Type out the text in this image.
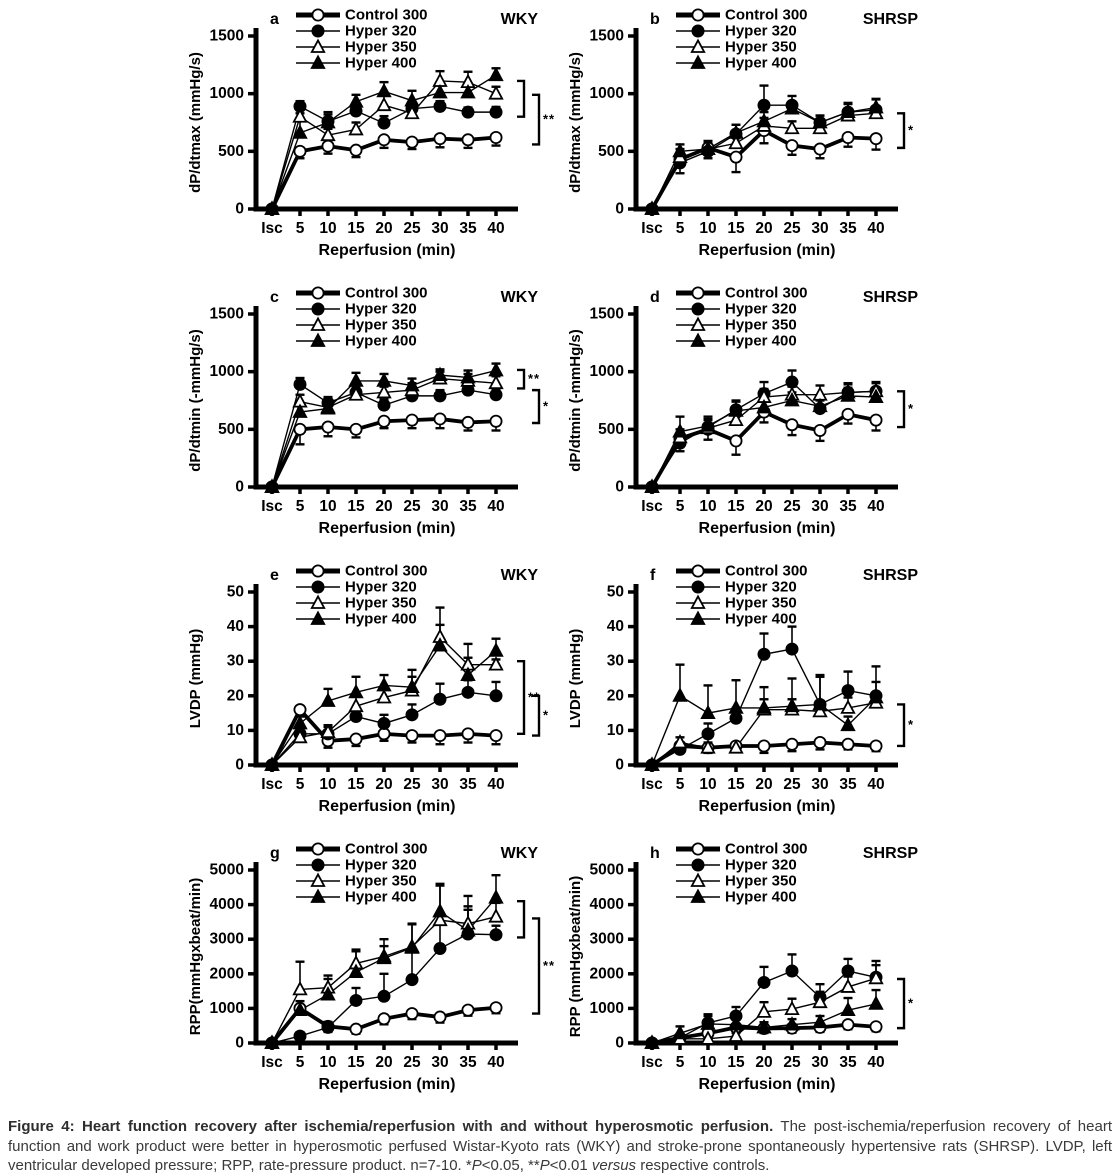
0
500
1000
1500
Isc 5 10 15 20 25 30 35 40
Reperfusion (min)
dP/dtmax (mmHg/s)
a	WKY
Control 300
Hyper 320
Hyper 350
Hyper 400
**
0
500
1000
1500
Isc 5 10 15 20 25 30 35 40
Reperfusion (min)
dP/dtmax (mmHg/s)
b	SHRSP
Control 300
Hyper 320
Hyper 350
Hyper 400
*
0
500
1000
1500
Isc 5 10 15 20 25 30 35 40
Reperfusion (min)
dP/dtmin (-mmHg/s)
c	WKY
Control 300
Hyper 320
Hyper 350
Hyper 400
**
*
0
500
1000
1500
Isc 5 10 15 20 25 30 35 40
Reperfusion (min)
dP/dtmin (-mmHg/s)
d	SHRSP
Control 300
Hyper 320
Hyper 350
Hyper 400
*
0
10
20
30
40
50
Isc 5 10 15 20 25 30 35 40
Reperfusion (min)
LVDP (mmHg)
e	WKY
Control 300
Hyper 320
Hyper 350
Hyper 400
**
*
0
10
20
30
40
50
Isc 5 10 15 20 25 30 35 40
Reperfusion (min)
LVDP (mmHg)
f	SHRSP
Control 300
Hyper 320
Hyper 350
Hyper 400
*
0
1000
2000
3000
4000
5000
Isc 5 10 15 20 25 30 35 40
Reperfusion (min)
RPP(mmHgxbeat/min)
g	WKY
Control 300
Hyper 320
Hyper 350
Hyper 400
**
0
1000
2000
3000
4000
5000
Isc 5 10 15 20 25 30 35 40
Reperfusion (min)
RPP (mmHgxbeat/min)
h	SHRSP
Control 300
Hyper 320
Hyper 350
Hyper 400
*

Figure 4: Heart function recovery after ischemia/reperfusion with and without hyperosmotic perfusion. The post-ischemia/reperfusion recovery of heart function and work product were better in hyperosmotic perfused Wistar-Kyoto rats (WKY) and stroke-prone spontaneously hypertensive rats (SHRSP). LVDP, left ventricular developed pressure; RPP, rate-pressure product. n=7-10. *P<0.05, **P<0.01 versus respective controls.
